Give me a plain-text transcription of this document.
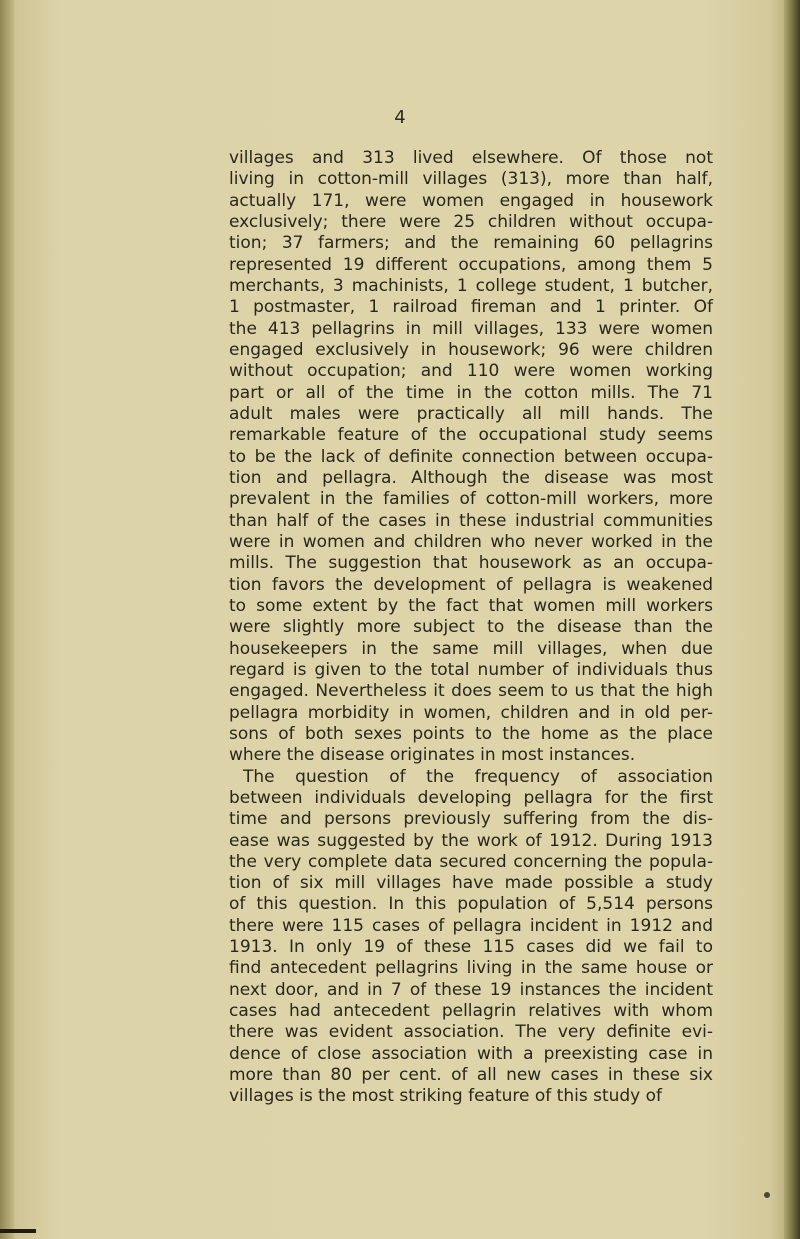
4
villages and 313 lived elsewhere. Of those not
living in cotton-mill villages (313), more than half,
actually 171, were women engaged in housework
exclusively; there were 25 children without occupa-
tion; 37 farmers; and the remaining 60 pellagrins
represented 19 different occupations, among them 5
merchants, 3 machinists, 1 college student, 1 butcher,
1 postmaster, 1 railroad fireman and 1 printer. Of
the 413 pellagrins in mill villages, 133 were women
engaged exclusively in housework; 96 were children
without occupation; and 110 were women working
part or all of the time in the cotton mills. The 71
adult males were practically all mill hands. The
remarkable feature of the occupational study seems
to be the lack of definite connection between occupa-
tion and pellagra. Although the disease was most
prevalent in the families of cotton-mill workers, more
than half of the cases in these industrial communities
were in women and children who never worked in the
mills. The suggestion that housework as an occupa-
tion favors the development of pellagra is weakened
to some extent by the fact that women mill workers
were slightly more subject to the disease than the
housekeepers in the same mill villages, when due
regard is given to the total number of individuals thus
engaged. Nevertheless it does seem to us that the high
pellagra morbidity in women, children and in old per-
sons of both sexes points to the home as the place
where the disease originates in most instances.
The question of the frequency of association
between individuals developing pellagra for the first
time and persons previously suffering from the dis-
ease was suggested by the work of 1912. During 1913
the very complete data secured concerning the popula-
tion of six mill villages have made possible a study
of this question. In this population of 5,514 persons
there were 115 cases of pellagra incident in 1912 and
1913. In only 19 of these 115 cases did we fail to
find antecedent pellagrins living in the same house or
next door, and in 7 of these 19 instances the incident
cases had antecedent pellagrin relatives with whom
there was evident association. The very definite evi-
dence of close association with a preexisting case in
more than 80 per cent. of all new cases in these six
villages is the most striking feature of this study of
